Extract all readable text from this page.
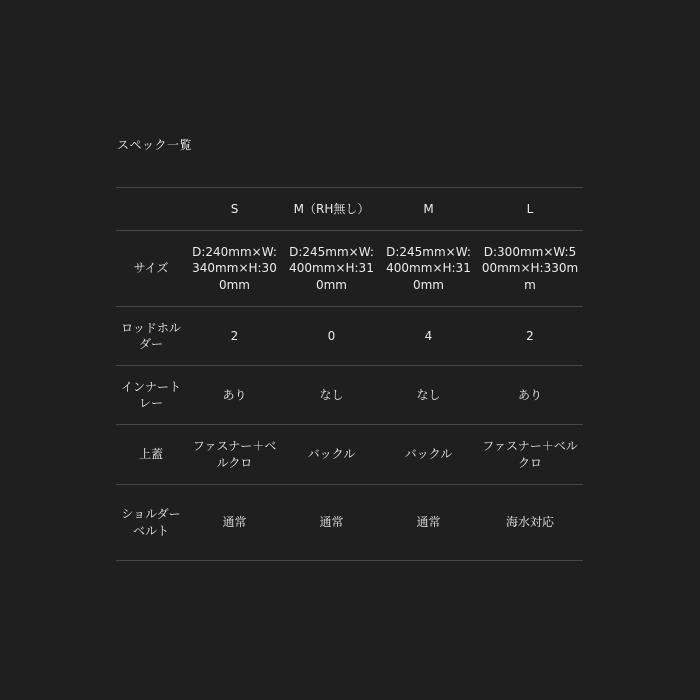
スペック一覧
	S	M（RH無し）	M	L
サイズ	D:240mm×W:340mm×H:300mm	D:245mm×W:400mm×H:310mm	D:245mm×W:400mm×H:310mm	D:300mm×W:500mm×H:330mm
ロッドホルダー	2	0	4	2
インナートレー	あり	なし	なし	あり
上蓋	ファスナー＋ベルクロ	バックル	バックル	ファスナー＋ベルクロ
ショルダーベルト	通常	通常	通常	海水対応
